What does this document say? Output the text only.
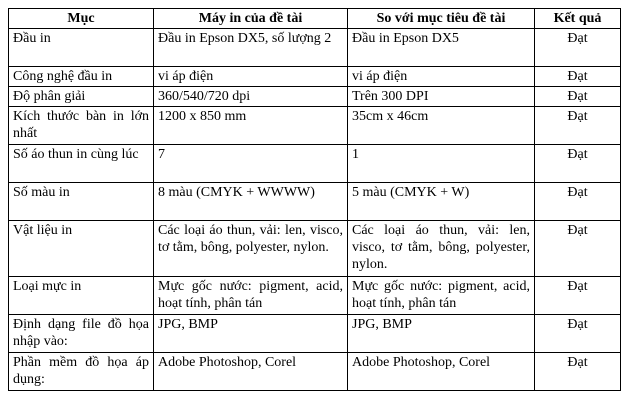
Mục	Máy in của đề tài	So với mục tiêu đề tài	Kết quả
Đầu in	Đầu in Epson DX5, số lượng 2	Đầu in Epson DX5	Đạt
Công nghệ đầu in	vi áp điện	vi áp điện	Đạt
Độ phân giải	360/540/720 dpi	Trên 300 DPI	Đạt
Kích thước bàn in lớn nhất	1200 x 850 mm	35cm x 46cm	Đạt
Số áo thun in cùng lúc	7	1	Đạt
Số màu in	8 màu (CMYK + WWWW)	5 màu (CMYK + W)	Đạt
Vật liệu in	Các loại áo thun, vải: len, visco, tơ tằm, bông, polyester, nylon.	Các loại áo thun, vải: len, visco, tơ tằm, bông, polyester, nylon.	Đạt
Loại mực in	Mực gốc nước: pigment, acid, hoạt tính, phân tán	Mực gốc nước: pigment, acid, hoạt tính, phân tán	Đạt
Định dạng file đồ họa nhập vào:	JPG, BMP	JPG, BMP	Đạt
Phần mềm đồ họa áp dụng:	Adobe Photoshop, Corel	Adobe Photoshop, Corel	Đạt
